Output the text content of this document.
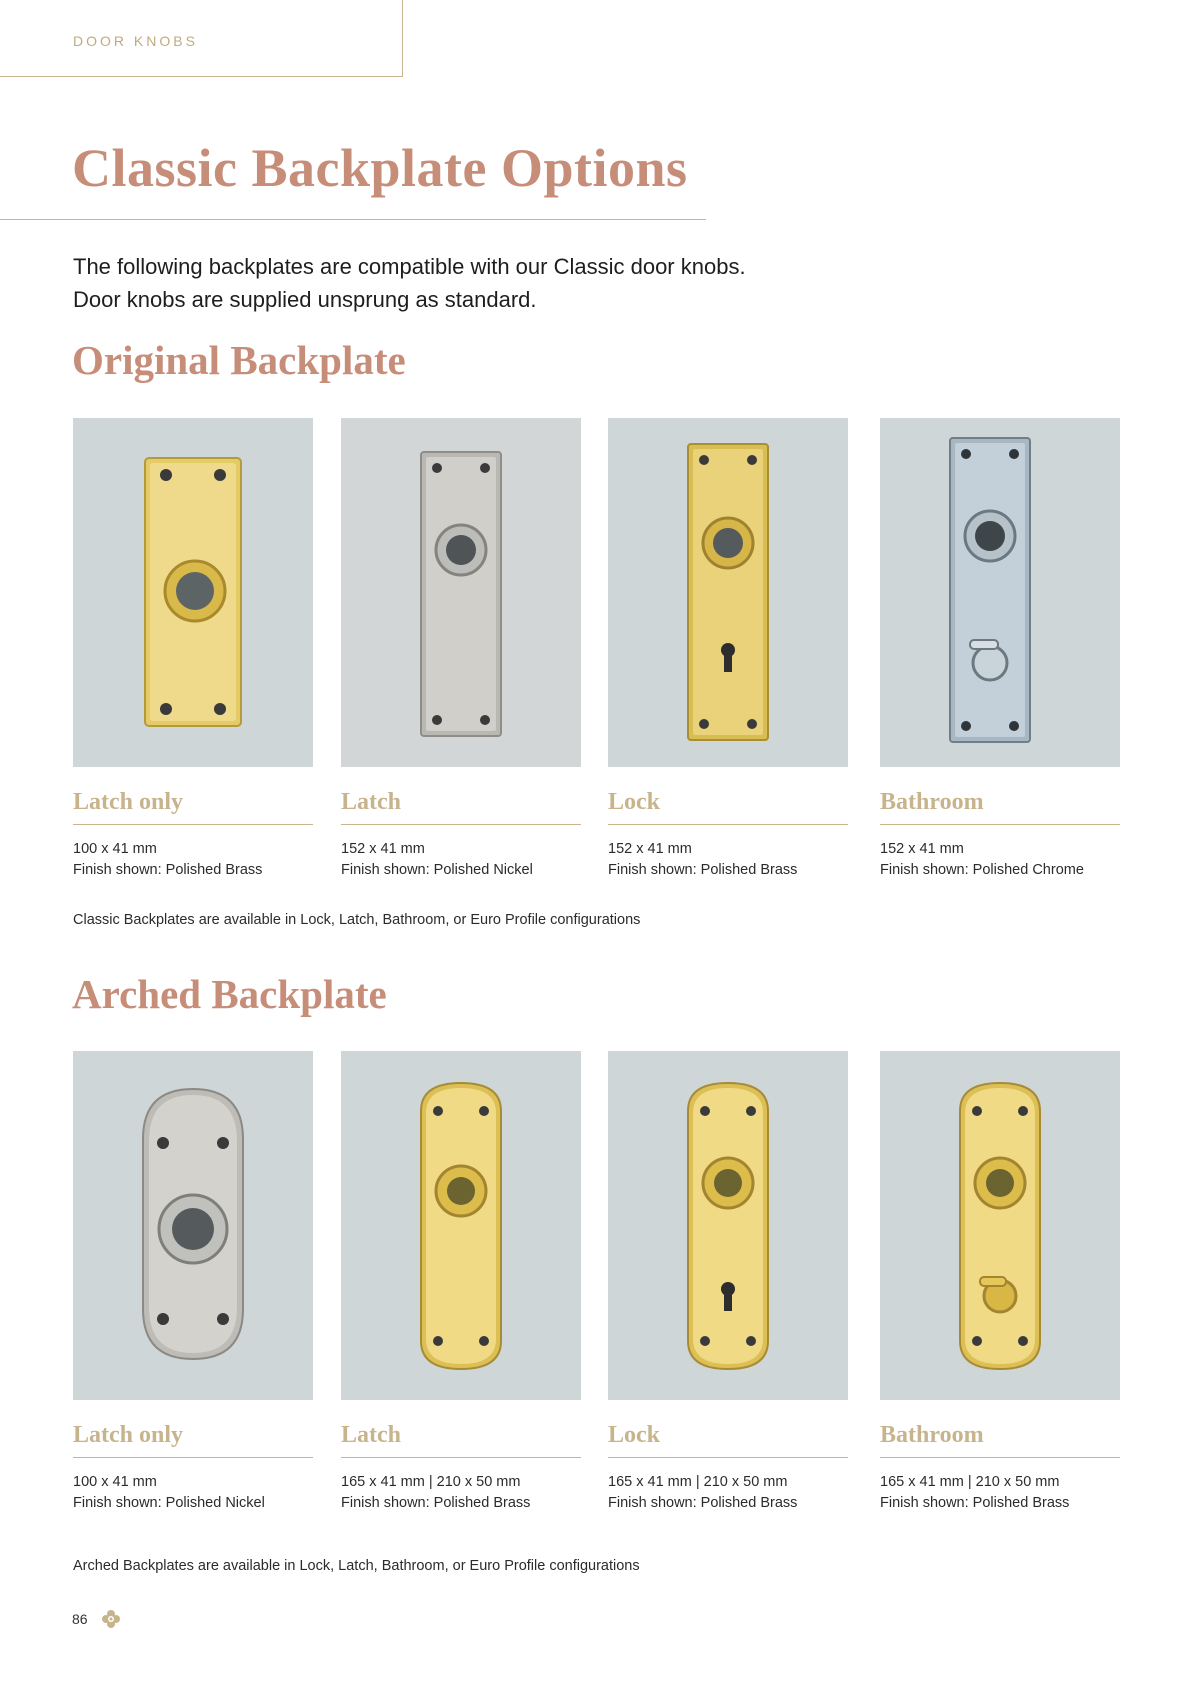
DOOR KNOBS
Classic Backplate Options
The following backplates are compatible with our Classic door knobs.
Door knobs are supplied unsprung as standard.
Original Backplate
Latch only
100 x 41 mm
Finish shown: Polished Brass
Latch
152 x 41 mm
Finish shown: Polished Nickel
Lock
152 x 41 mm
Finish shown: Polished Brass
Bathroom
152 x 41 mm
Finish shown: Polished Chrome
Classic Backplates are available in Lock, Latch, Bathroom, or Euro Profile configurations
Arched Backplate
Latch only
100 x 41 mm
Finish shown: Polished Nickel
Latch
165 x 41 mm | 210 x 50 mm
Finish shown: Polished Brass
Lock
165 x 41 mm | 210 x 50 mm
Finish shown: Polished Brass
Bathroom
165 x 41 mm | 210 x 50 mm
Finish shown: Polished Brass
Arched Backplates are available in Lock, Latch, Bathroom, or Euro Profile configurations
86
